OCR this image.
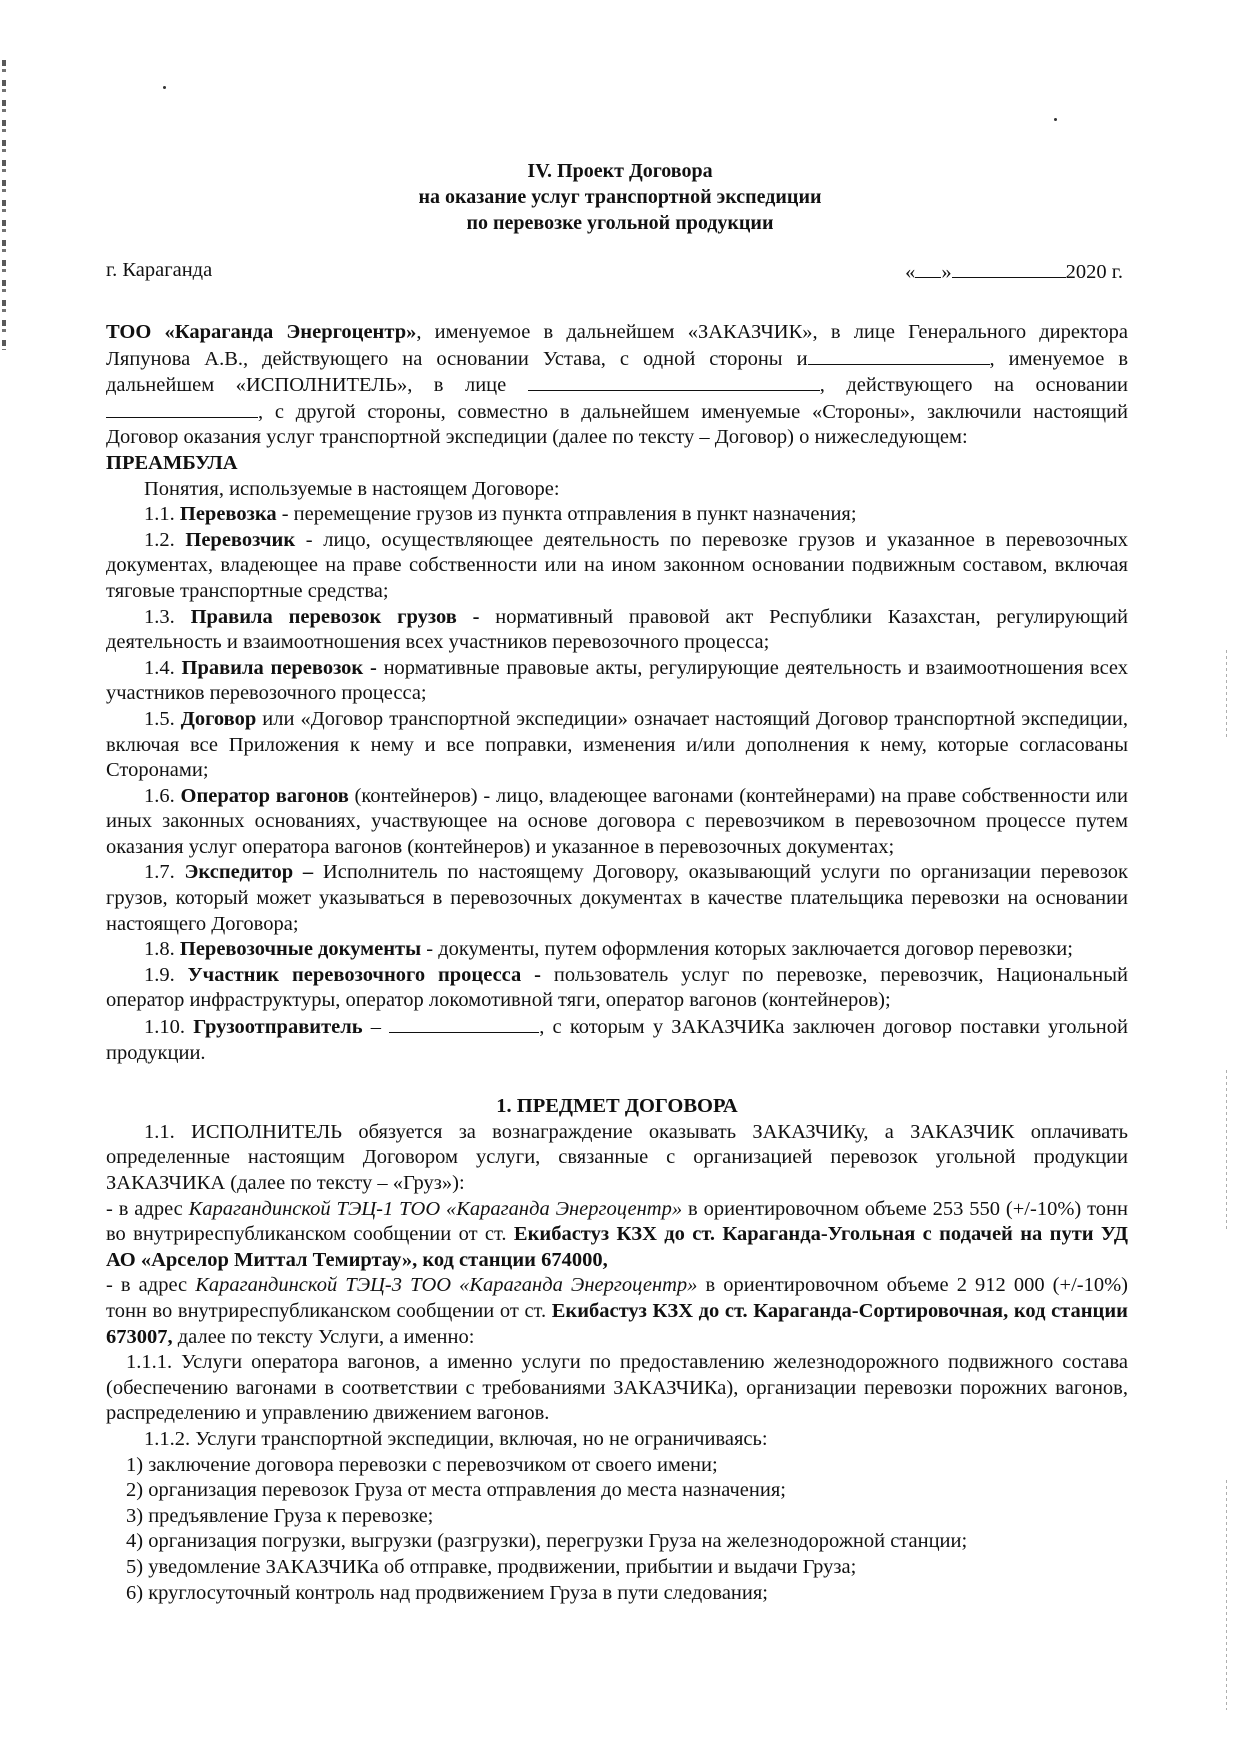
IV. Проект Договора
на оказание услуг транспортной экспедиции
по перевозке угольной продукции
г. Караганда	« »	2020 г.

ТОО «Караганда Энергоцентр», именуемое в дальнейшем «ЗАКАЗЧИК», в лице Генерального директора Ляпунова А.В., действующего на основании Устава, с одной стороны и	, именуемое в дальнейшем «ИСПОЛНИТЕЛЬ», в лице	, действующего на основании , с другой стороны, совместно в дальнейшем именуемые «Стороны», заключили настоящий Договор оказания услуг транспортной экспедиции (далее по тексту – Договор) о нижеследующем:

ПРЕАМБУЛА

Понятия, используемые в настоящем Договоре:

1.1. Перевозка - перемещение грузов из пункта отправления в пункт назначения;

1.2. Перевозчик - лицо, осуществляющее деятельность по перевозке грузов и указанное в перевозочных документах, владеющее на праве собственности или на ином законном основании подвижным составом, включая тяговые транспортные средства;

1.3. Правила перевозок грузов - нормативный правовой акт Республики Казахстан, регулирующий деятельность и взаимоотношения всех участников перевозочного процесса;

1.4. Правила перевозок - нормативные правовые акты, регулирующие деятельность и взаимоотношения всех участников перевозочного процесса;

1.5. Договор или «Договор транспортной экспедиции» означает настоящий Договор транспортной экспедиции, включая все Приложения к нему и все поправки, изменения и/или дополнения к нему, которые согласованы Сторонами;

1.6. Оператор вагонов (контейнеров) - лицо, владеющее вагонами (контейнерами) на праве собственности или иных законных основаниях, участвующее на основе договора с перевозчиком в перевозочном процессе путем оказания услуг оператора вагонов (контейнеров) и указанное в перевозочных документах;

1.7. Экспедитор – Исполнитель по настоящему Договору, оказывающий услуги по организации перевозок грузов, который может указываться в перевозочных документах в качестве плательщика перевозки на основании настоящего Договора;

1.8. Перевозочные документы - документы, путем оформления которых заключается договор перевозки;

1.9. Участник перевозочного процесса - пользователь услуг по перевозке, перевозчик, Национальный оператор инфраструктуры, оператор локомотивной тяги, оператор вагонов (контейнеров);

1.10. Грузоотправитель –	, с которым у ЗАКАЗЧИКа заключен договор поставки угольной продукции.

1. ПРЕДМЕТ ДОГОВОРА

1.1. ИСПОЛНИТЕЛЬ обязуется за вознаграждение оказывать ЗАКАЗЧИКу, а ЗАКАЗЧИК оплачивать определенные настоящим Договором услуги, связанные с организацией перевозок угольной продукции ЗАКАЗЧИКА (далее по тексту – «Груз»):

- в адрес Карагандинской ТЭЦ-1 ТОО «Караганда Энергоцентр» в ориентировочном объеме 253 550 (+/-10%) тонн во внутриреспубликанском сообщении от ст. Екибастуз КЗХ до ст. Караганда-Угольная с подачей на пути УД АО «Арселор Миттал Темиртау», код станции 674000,

- в адрес Карагандинской ТЭЦ-3 ТОО «Караганда Энергоцентр» в ориентировочном объеме 2 912 000 (+/-10%) тонн во внутриреспубликанском сообщении от ст. Екибастуз КЗХ до ст. Караганда-Сортировочная, код станции 673007, далее по тексту Услуги, а именно:

1.1.1. Услуги оператора вагонов, а именно услуги по предоставлению железнодорожного подвижного состава (обеспечению вагонами в соответствии с требованиями ЗАКАЗЧИКа), организации перевозки порожних вагонов, распределению и управлению движением вагонов.

1.1.2. Услуги транспортной экспедиции, включая, но не ограничиваясь:

1) заключение договора перевозки с перевозчиком от своего имени;

2) организация перевозок Груза от места отправления до места назначения;

3) предъявление Груза к перевозке;

4) организация погрузки, выгрузки (разгрузки), перегрузки Груза на железнодорожной станции;

5) уведомление ЗАКАЗЧИКа об отправке, продвижении, прибытии и выдачи Груза;

6) круглосуточный контроль над продвижением Груза в пути следования;
